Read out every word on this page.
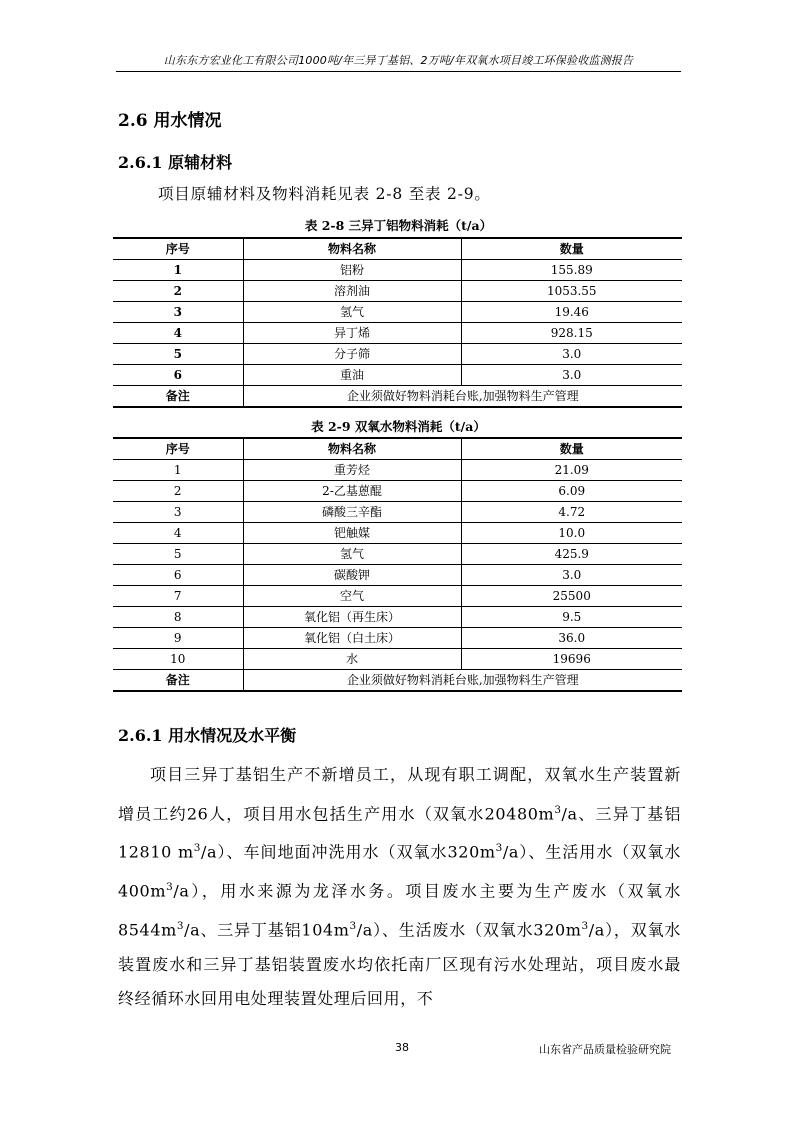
山东东方宏业化工有限公司1000吨/年三异丁基铝、2万吨/年双氧水项目竣工环保验收监测报告
2.6 用水情况
2.6.1 原辅材料
项目原辅材料及物料消耗见表 2-8 至表 2-9。
表 2-8 三异丁铝物料消耗（t/a）
序号	物料名称	数量
1	铝粉	155.89
2	溶剂油	1053.55
3	氢气	19.46
4	异丁烯	928.15
5	分子筛	3.0
6	重油	3.0
备注	企业须做好物料消耗台账,加强物料生产管理	
表 2-9 双氧水物料消耗（t/a）
序号	物料名称	数量
1	重芳烃	21.09
2	2-乙基蒽醌	6.09
3	磷酸三辛酯	4.72
4	钯触媒	10.0
5	氢气	425.9
6	碳酸钾	3.0
7	空气	25500
8	氧化铝（再生床）	9.5
9	氧化铝（白土床）	36.0
10	水	19696
备注	企业须做好物料消耗台账,加强物料生产管理	
2.6.1 用水情况及水平衡

项目三异丁基铝生产不新增员工，从现有职工调配，双氧水生产装置新增员工约26人，项目用水包括生产用水（双氧水$20480m^3/a$、三异丁基铝12810 $m^3/a$）、车间地面冲洗用水（双氧水$320m^3/a$）、生活用水（双氧水$400m^3/a$），用水来源为龙泽水务。项目废水主要为生产废水（双氧水$8544m^3/a$、三异丁基铝$104m^3/a$）、生活废水（双氧水$320m^3/a$），双氧水装置废水和三异丁基铝装置废水均依托南厂区现有污水处理站，项目废水最终经循环水回用电处理装置处理后回用，不

38	山东省产品质量检验研究院
